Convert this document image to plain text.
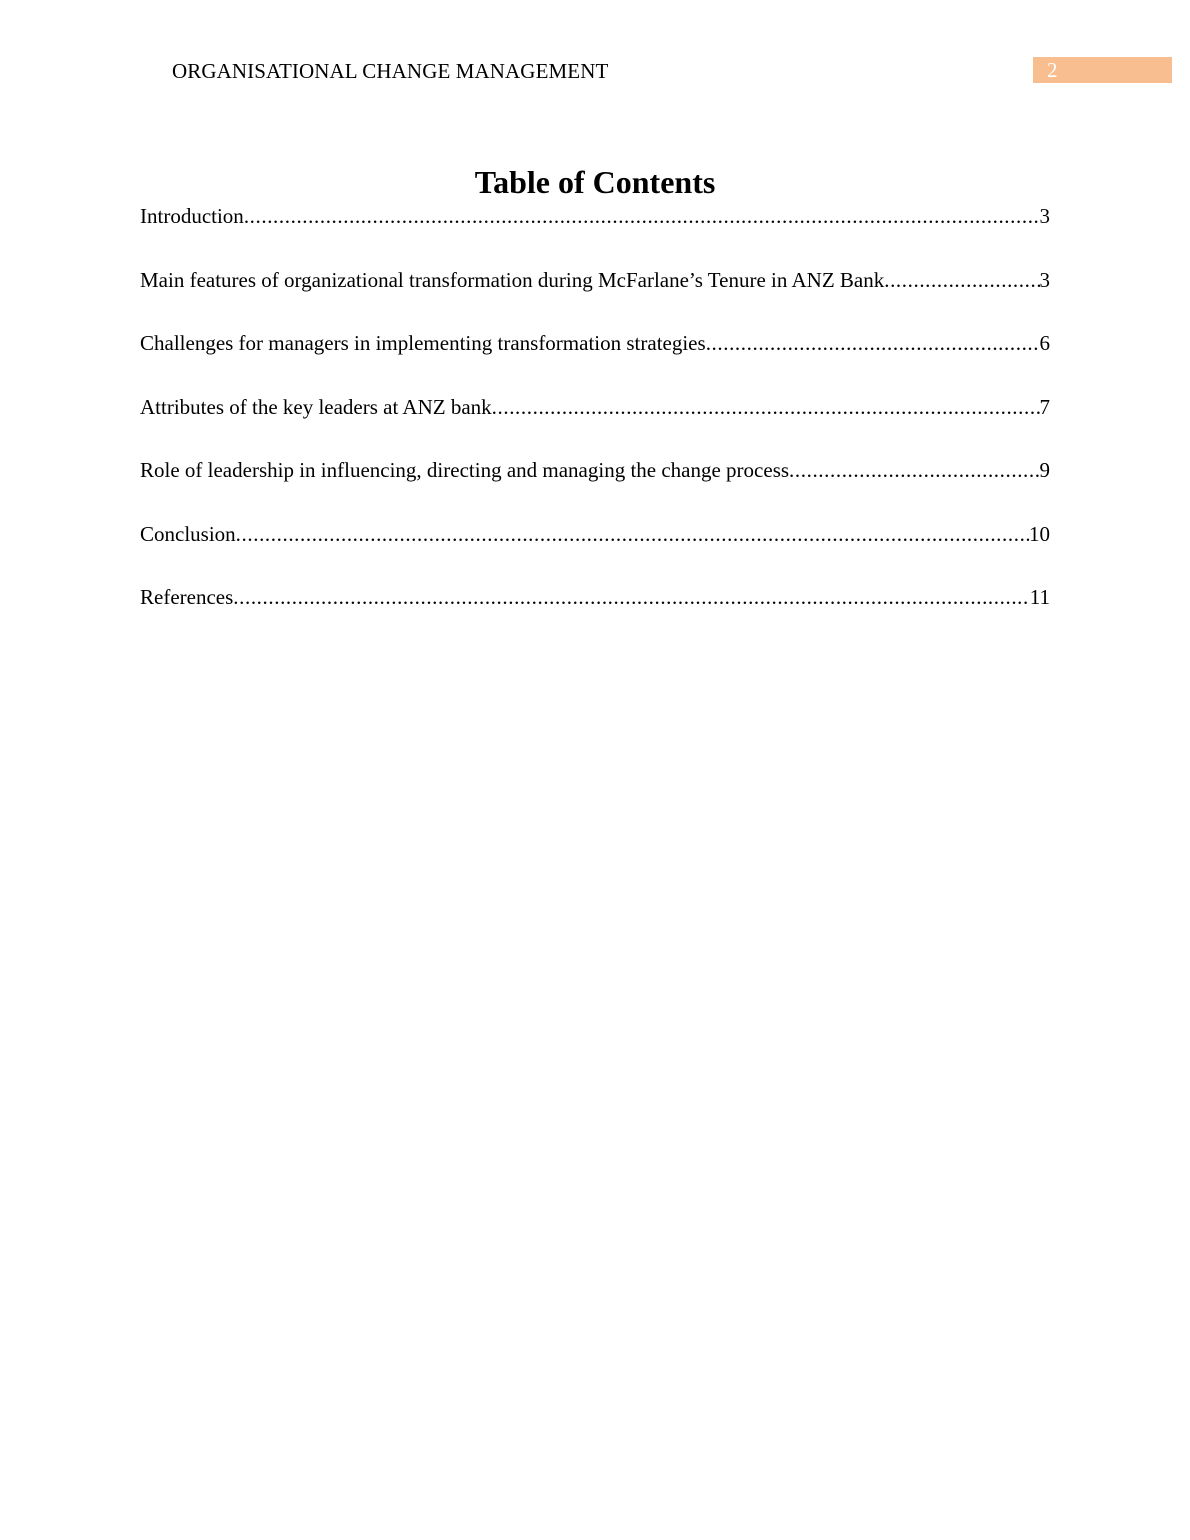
ORGANISATIONAL CHANGE MANAGEMENT	2
Table of Contents
Introduction .....	3
Main features of organizational transformation during McFarlane’s Tenure in ANZ Bank .....	3
Challenges for managers in implementing transformation strategies .....	6
Attributes of the key leaders at ANZ bank .....	7
Role of leadership in influencing, directing and managing the change process .....	9
Conclusion .....	10
References .....	11
